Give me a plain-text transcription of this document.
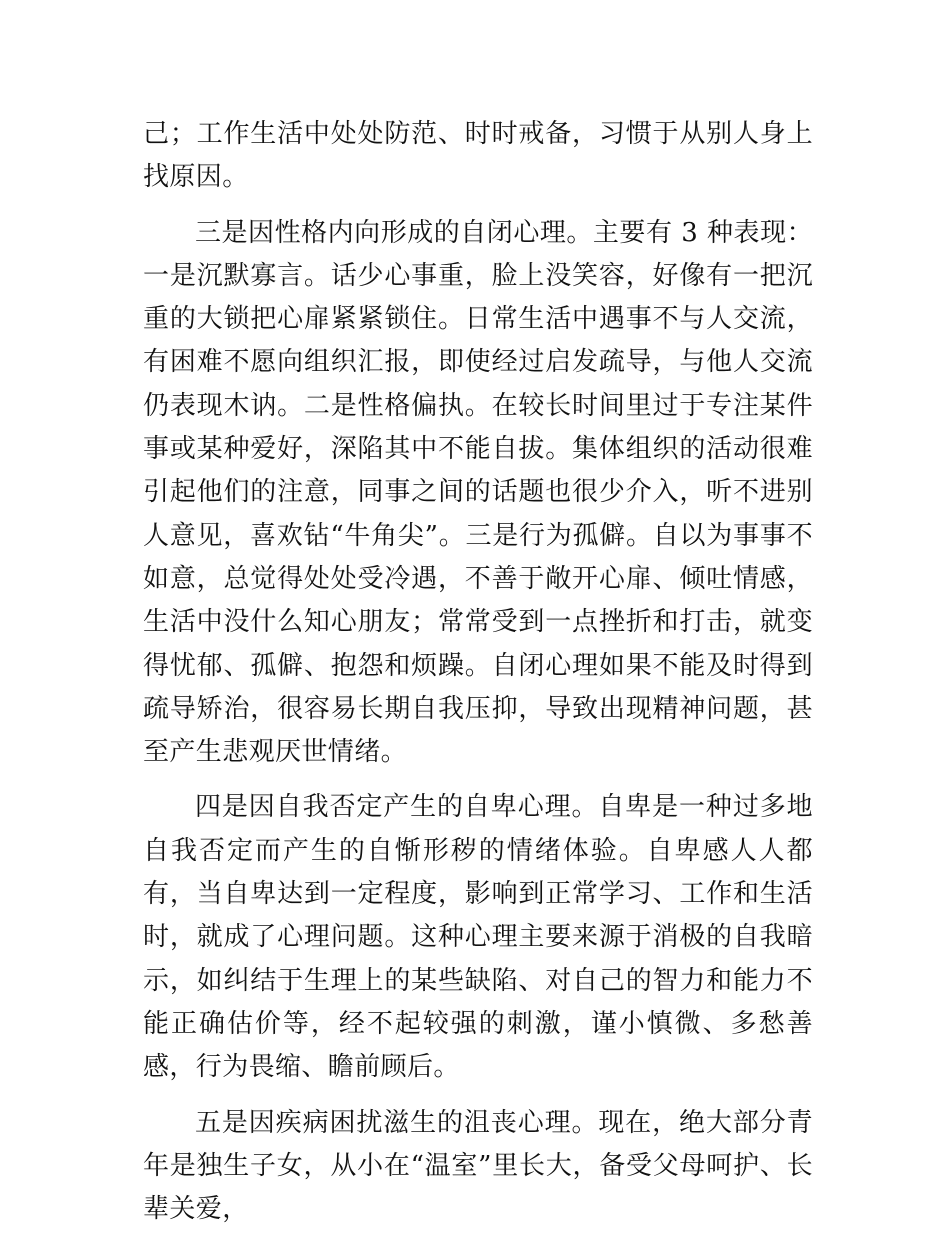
己；工作生活中处处防范、时时戒备，习惯于从别人身上找原因。

三是因性格内向形成的自闭心理。主要有 3 种表现：一是沉默寡言。话少心事重，脸上没笑容，好像有一把沉重的大锁把心扉紧紧锁住。日常生活中遇事不与人交流，有困难不愿向组织汇报，即使经过启发疏导，与他人交流仍表现木讷。二是性格偏执。在较长时间里过于专注某件事或某种爱好，深陷其中不能自拔。集体组织的活动很难引起他们的注意，同事之间的话题也很少介入，听不进别人意见，喜欢钻“牛角尖”。三是行为孤僻。自以为事事不如意，总觉得处处受冷遇，不善于敞开心扉、倾吐情感，生活中没什么知心朋友；常常受到一点挫折和打击，就变得忧郁、孤僻、抱怨和烦躁。自闭心理如果不能及时得到疏导矫治，很容易长期自我压抑，导致出现精神问题，甚至产生悲观厌世情绪。

四是因自我否定产生的自卑心理。自卑是一种过多地自我否定而产生的自惭形秽的情绪体验。自卑感人人都有，当自卑达到一定程度，影响到正常学习、工作和生活时，就成了心理问题。这种心理主要来源于消极的自我暗示，如纠结于生理上的某些缺陷、对自己的智力和能力不能正确估价等，经不起较强的刺激，谨小慎微、多愁善感，行为畏缩、瞻前顾后。

五是因疾病困扰滋生的沮丧心理。现在，绝大部分青年是独生子女，从小在“温室”里长大，备受父母呵护、长辈关爱，
